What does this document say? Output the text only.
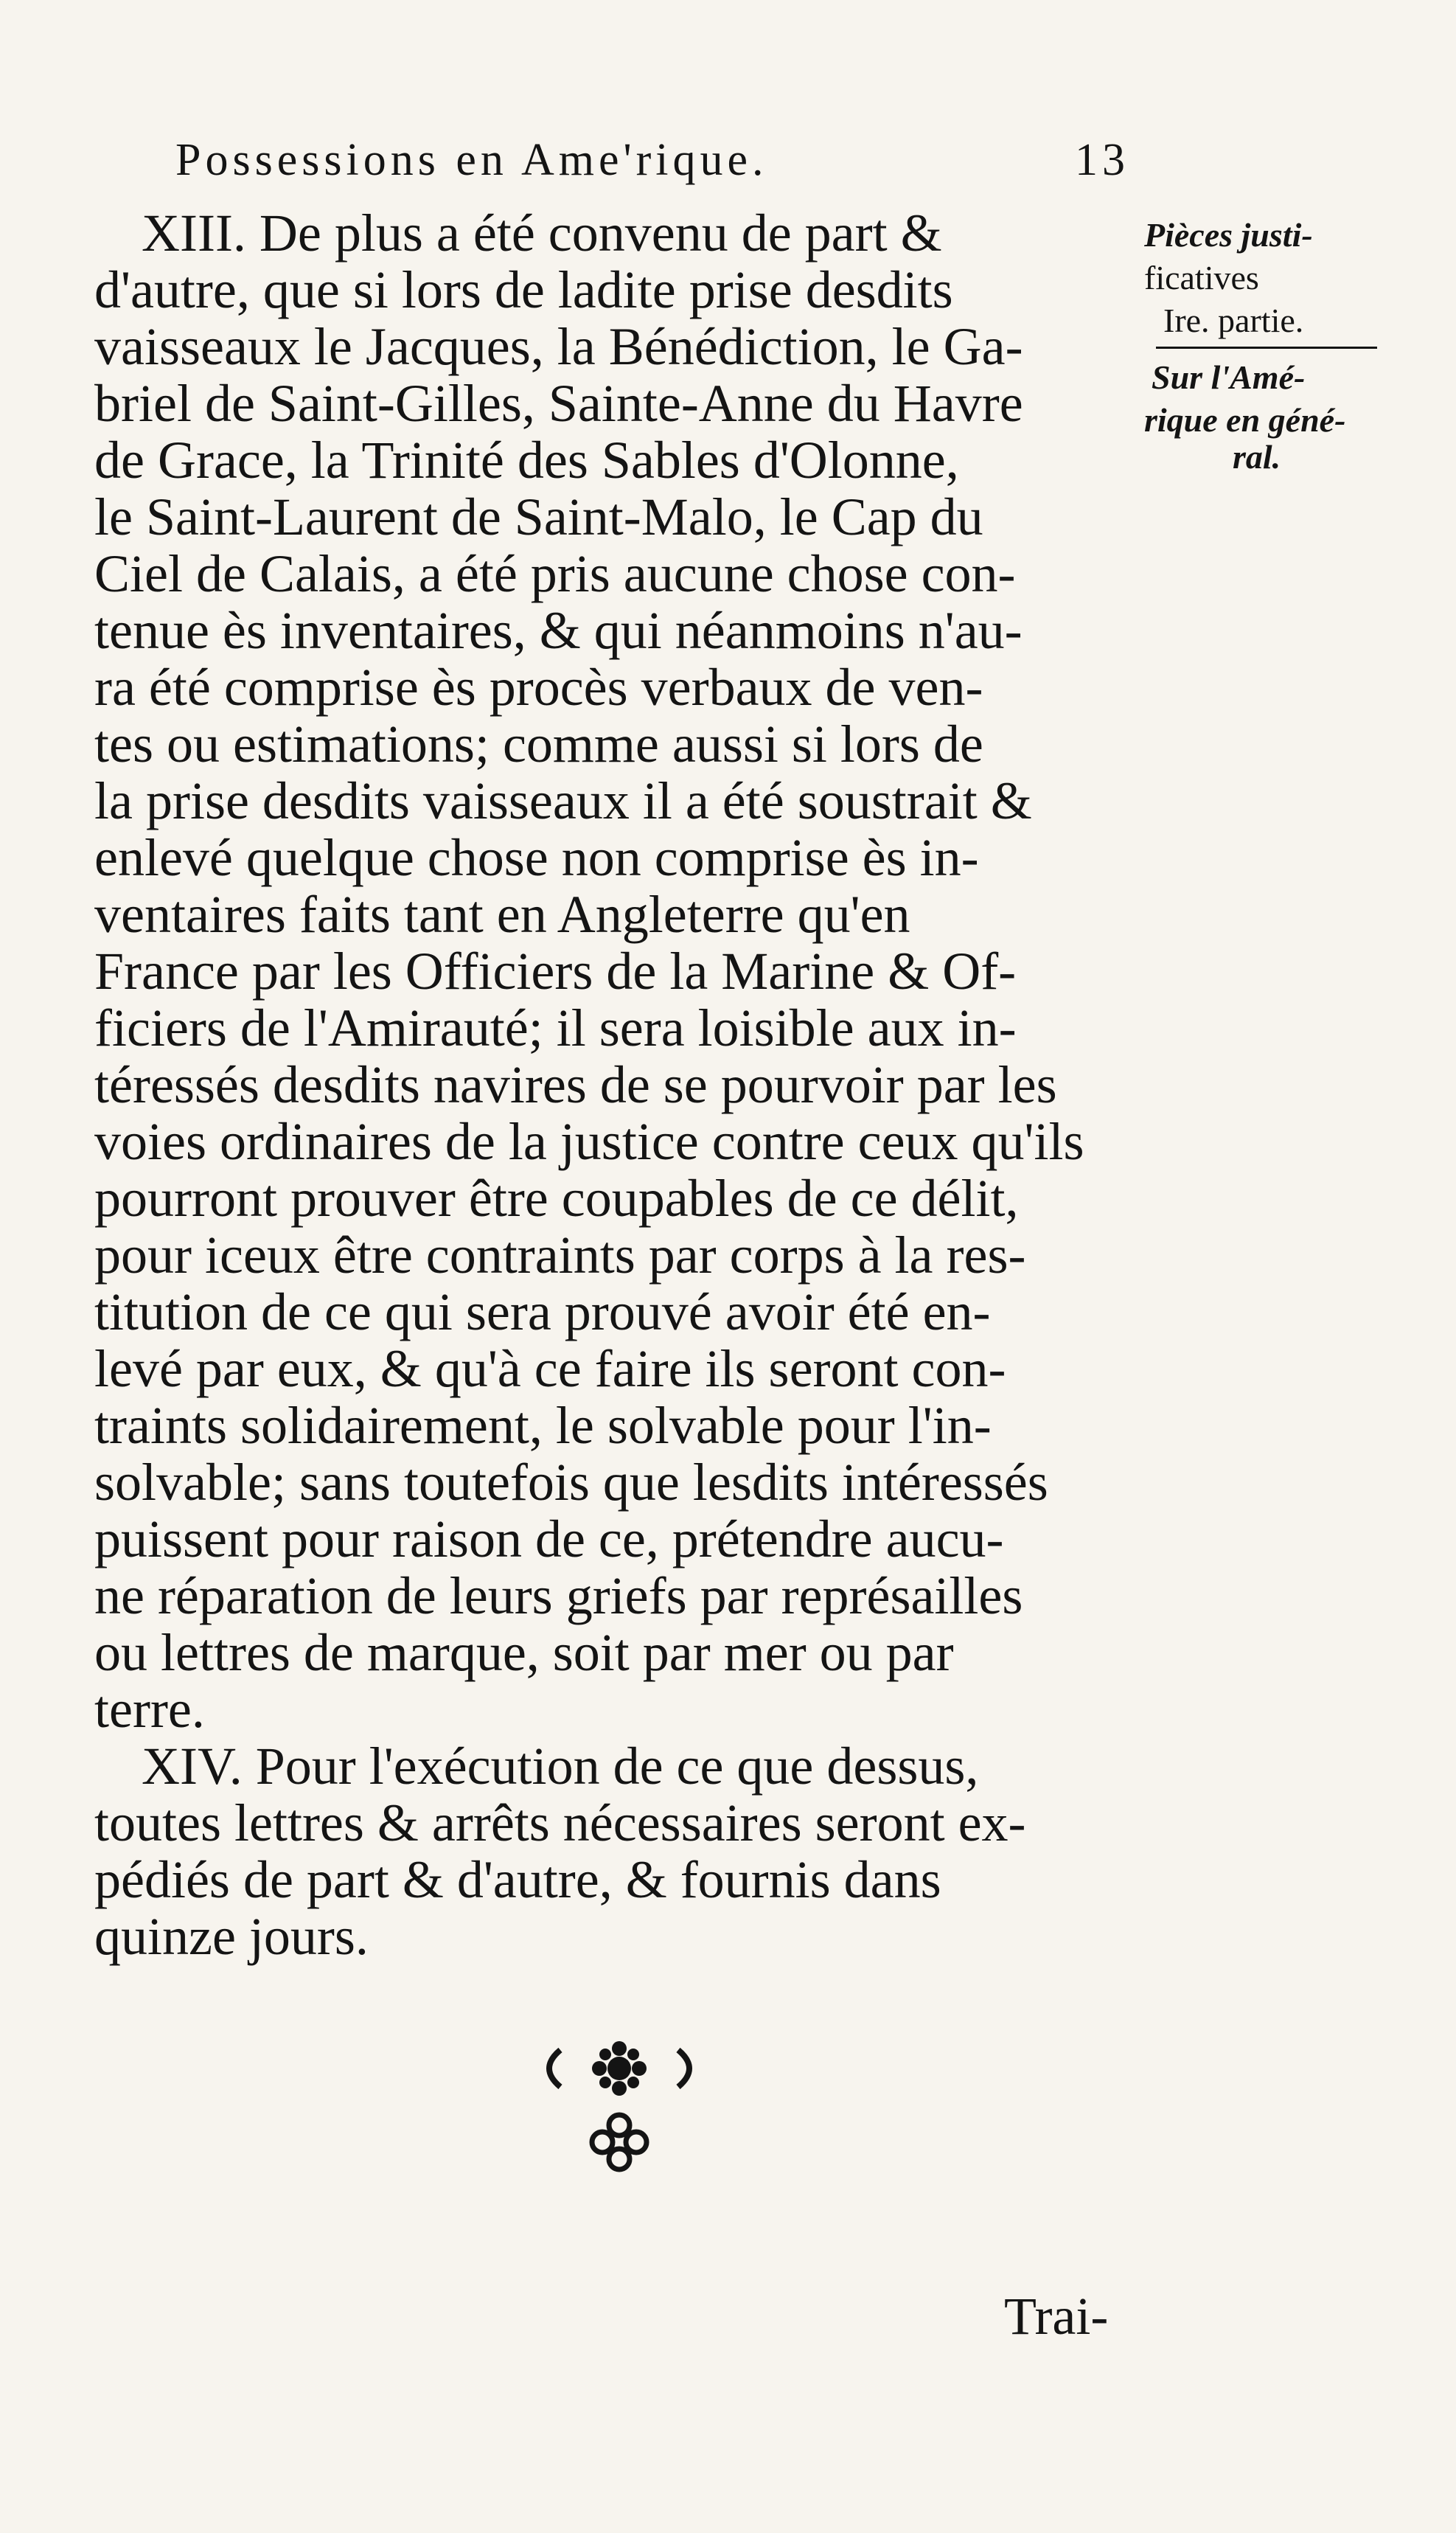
Possessions en Ame'rique.	13
Pièces justi-
ficatives
Ire. partie.
Sur l'Amé-
rique en géné-
ral.
XIII. De plus a été convenu de part &
d'autre, que si lors de ladite prise desdits
vaisseaux le Jacques, la Bénédiction, le Ga-
briel de Saint-Gilles, Sainte-Anne du Havre
de Grace, la Trinité des Sables d'Olonne,
le Saint-Laurent de Saint-Malo, le Cap du
Ciel de Calais, a été pris aucune chose con-
tenue ès inventaires, & qui néanmoins n'au-
ra été comprise ès procès verbaux de ven-
tes ou estimations; comme aussi si lors de
la prise desdits vaisseaux il a été soustrait &
enlevé quelque chose non comprise ès in-
ventaires faits tant en Angleterre qu'en
France par les Officiers de la Marine & Of-
ficiers de l'Amirauté; il sera loisible aux in-
téressés desdits navires de se pourvoir par les
voies ordinaires de la justice contre ceux qu'ils
pourront prouver être coupables de ce délit,
pour iceux être contraints par corps à la res-
titution de ce qui sera prouvé avoir été en-
levé par eux, & qu'à ce faire ils seront con-
traints solidairement, le solvable pour l'in-
solvable; sans toutefois que lesdits intéressés
puissent pour raison de ce, prétendre aucu-
ne réparation de leurs griefs par représailles
ou lettres de marque, soit par mer ou par
terre.
XIV. Pour l'exécution de ce que dessus,
toutes lettres & arrêts nécessaires seront ex-
pédiés de part & d'autre, & fournis dans
quinze jours.
Trai-
